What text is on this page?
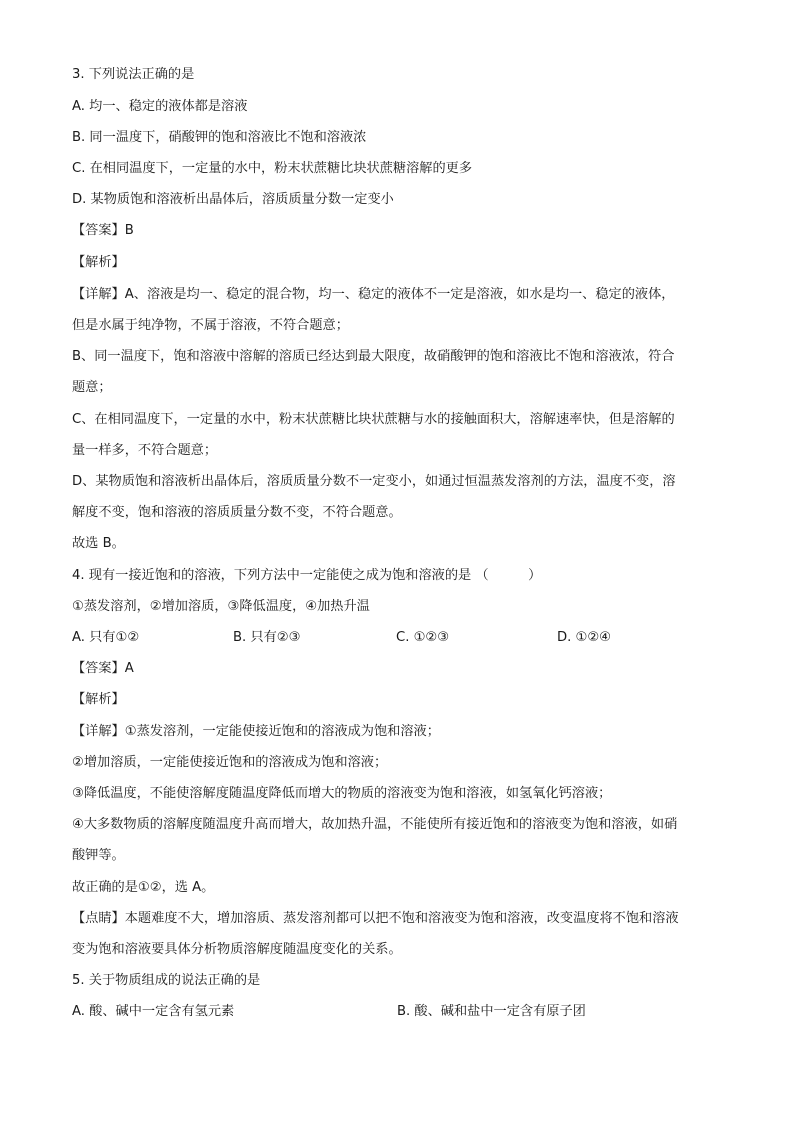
3. 下列说法正确的是
A. 均一、稳定的液体都是溶液
B. 同一温度下，硝酸钾的饱和溶液比不饱和溶液浓
C. 在相同温度下，一定量的水中，粉末状蔗糖比块状蔗糖溶解的更多
D. 某物质饱和溶液析出晶体后，溶质质量分数一定变小
【答案】B
【解析】
【详解】A、溶液是均一、稳定的混合物，均一、稳定的液体不一定是溶液，如水是均一、稳定的液体，
但是水属于纯净物，不属于溶液，不符合题意；
B、同一温度下，饱和溶液中溶解的溶质已经达到最大限度，故硝酸钾的饱和溶液比不饱和溶液浓，符合
题意；
C、在相同温度下，一定量的水中，粉末状蔗糖比块状蔗糖与水的接触面积大，溶解速率快，但是溶解的
量一样多，不符合题意；
D、某物质饱和溶液析出晶体后，溶质质量分数不一定变小，如通过恒温蒸发溶剂的方法，温度不变，溶
解度不变，饱和溶液的溶质质量分数不变，不符合题意。
故选 B。
4. 现有一接近饱和的溶液，下列方法中一定能使之成为饱和溶液的是 （　　　）
①蒸发溶剂，②增加溶质，③降低温度，④加热升温
A. 只有①②	B. 只有②③	C. ①②③	D. ①②④
【答案】A
【解析】
【详解】①蒸发溶剂，一定能使接近饱和的溶液成为饱和溶液；
②增加溶质，一定能使接近饱和的溶液成为饱和溶液；
③降低温度，不能使溶解度随温度降低而增大的物质的溶液变为饱和溶液，如氢氧化钙溶液；
④大多数物质的溶解度随温度升高而增大，故加热升温，不能使所有接近饱和的溶液变为饱和溶液，如硝
酸钾等。
故正确的是①②，选 A。
【点睛】本题难度不大，增加溶质、蒸发溶剂都可以把不饱和溶液变为饱和溶液，改变温度将不饱和溶液
变为饱和溶液要具体分析物质溶解度随温度变化的关系。
5. 关于物质组成的说法正确的是
A. 酸、碱中一定含有氢元素	B. 酸、碱和盐中一定含有原子团
